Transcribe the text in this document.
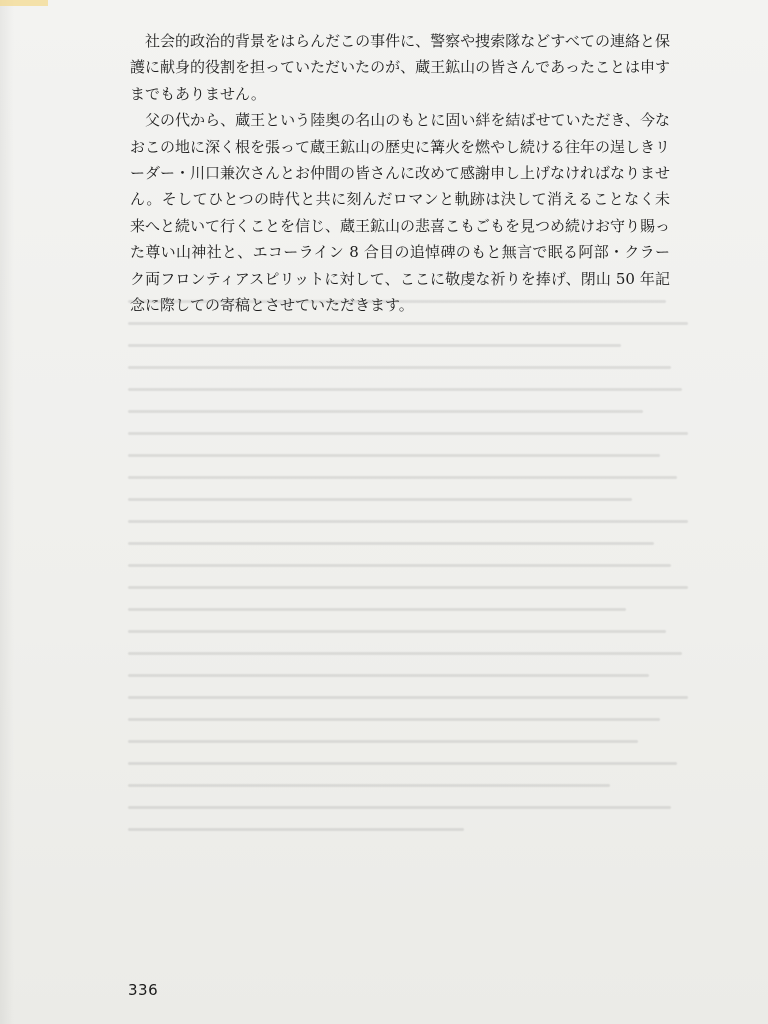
社会的政治的背景をはらんだこの事件に、警察や捜索隊などすべての連絡と保護に献身的役割を担っていただいたのが、蔵王鉱山の皆さんであったことは申すまでもありません。

父の代から、蔵王という陸奥の名山のもとに固い絆を結ばせていただき、今なおこの地に深く根を張って蔵王鉱山の歴史に篝火を燃やし続ける往年の逞しきリーダー・川口兼次さんとお仲間の皆さんに改めて感謝申し上げなければなりません。そしてひとつの時代と共に刻んだロマンと軌跡は決して消えることなく未来へと続いて行くことを信じ、蔵王鉱山の悲喜こもごもを見つめ続けお守り賜った尊い山神社と、エコーライン 8 合目の追悼碑のもと無言で眠る阿部・クラーク両フロンティアスピリットに対して、ここに敬虔な祈りを捧げ、閉山 50 年記念に際しての寄稿とさせていただきます。

336
